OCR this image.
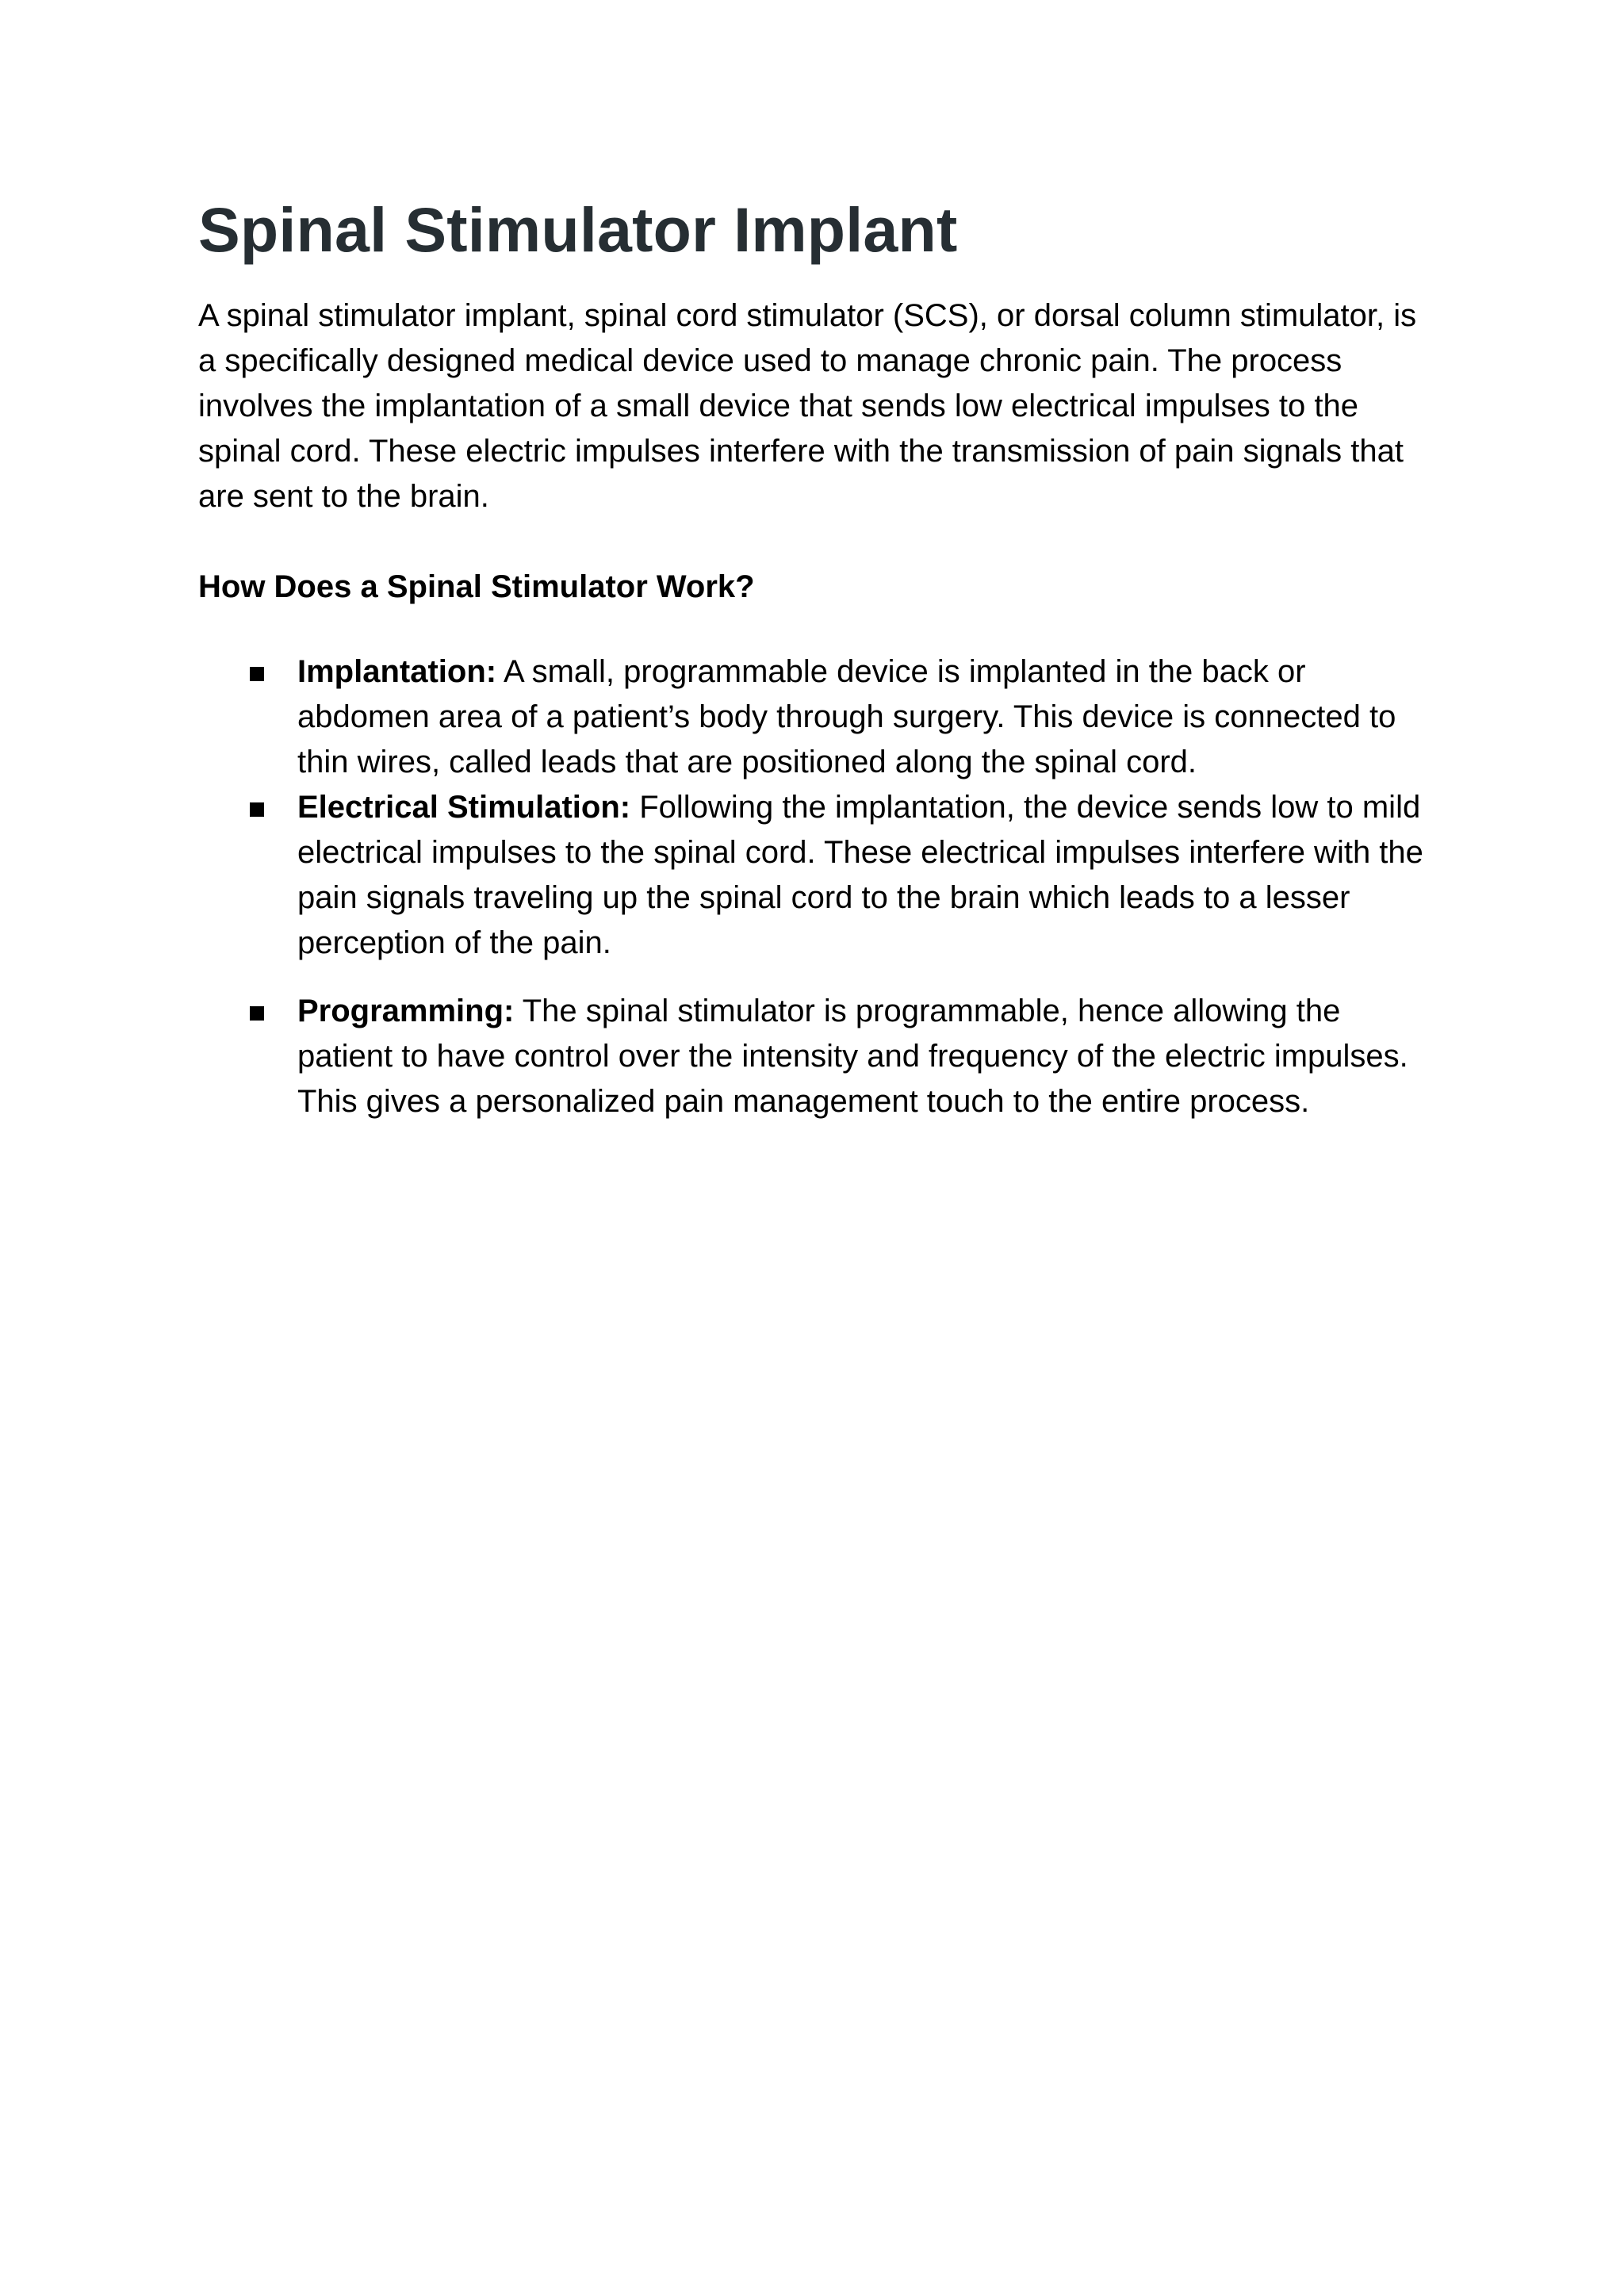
Spinal Stimulator Implant

A spinal stimulator implant, spinal cord stimulator (SCS), or dorsal column stimulator, is a specifically designed medical device used to manage chronic pain. The process involves the implantation of a small device that sends low electrical impulses to the spinal cord. These electric impulses interfere with the transmission of pain signals that are sent to the brain.

How Does a Spinal Stimulator Work?
Implantation: A small, programmable device is implanted in the back or abdomen area of a patient’s body through surgery. This device is connected to thin wires, called leads that are positioned along the spinal cord.
Electrical Stimulation: Following the implantation, the device sends low to mild electrical impulses to the spinal cord. These electrical impulses interfere with the pain signals traveling up the spinal cord to the brain which leads to a lesser perception of the pain.
Programming: The spinal stimulator is programmable, hence allowing the patient to have control over the intensity and frequency of the electric impulses. This gives a personalized pain management touch to the entire process.
